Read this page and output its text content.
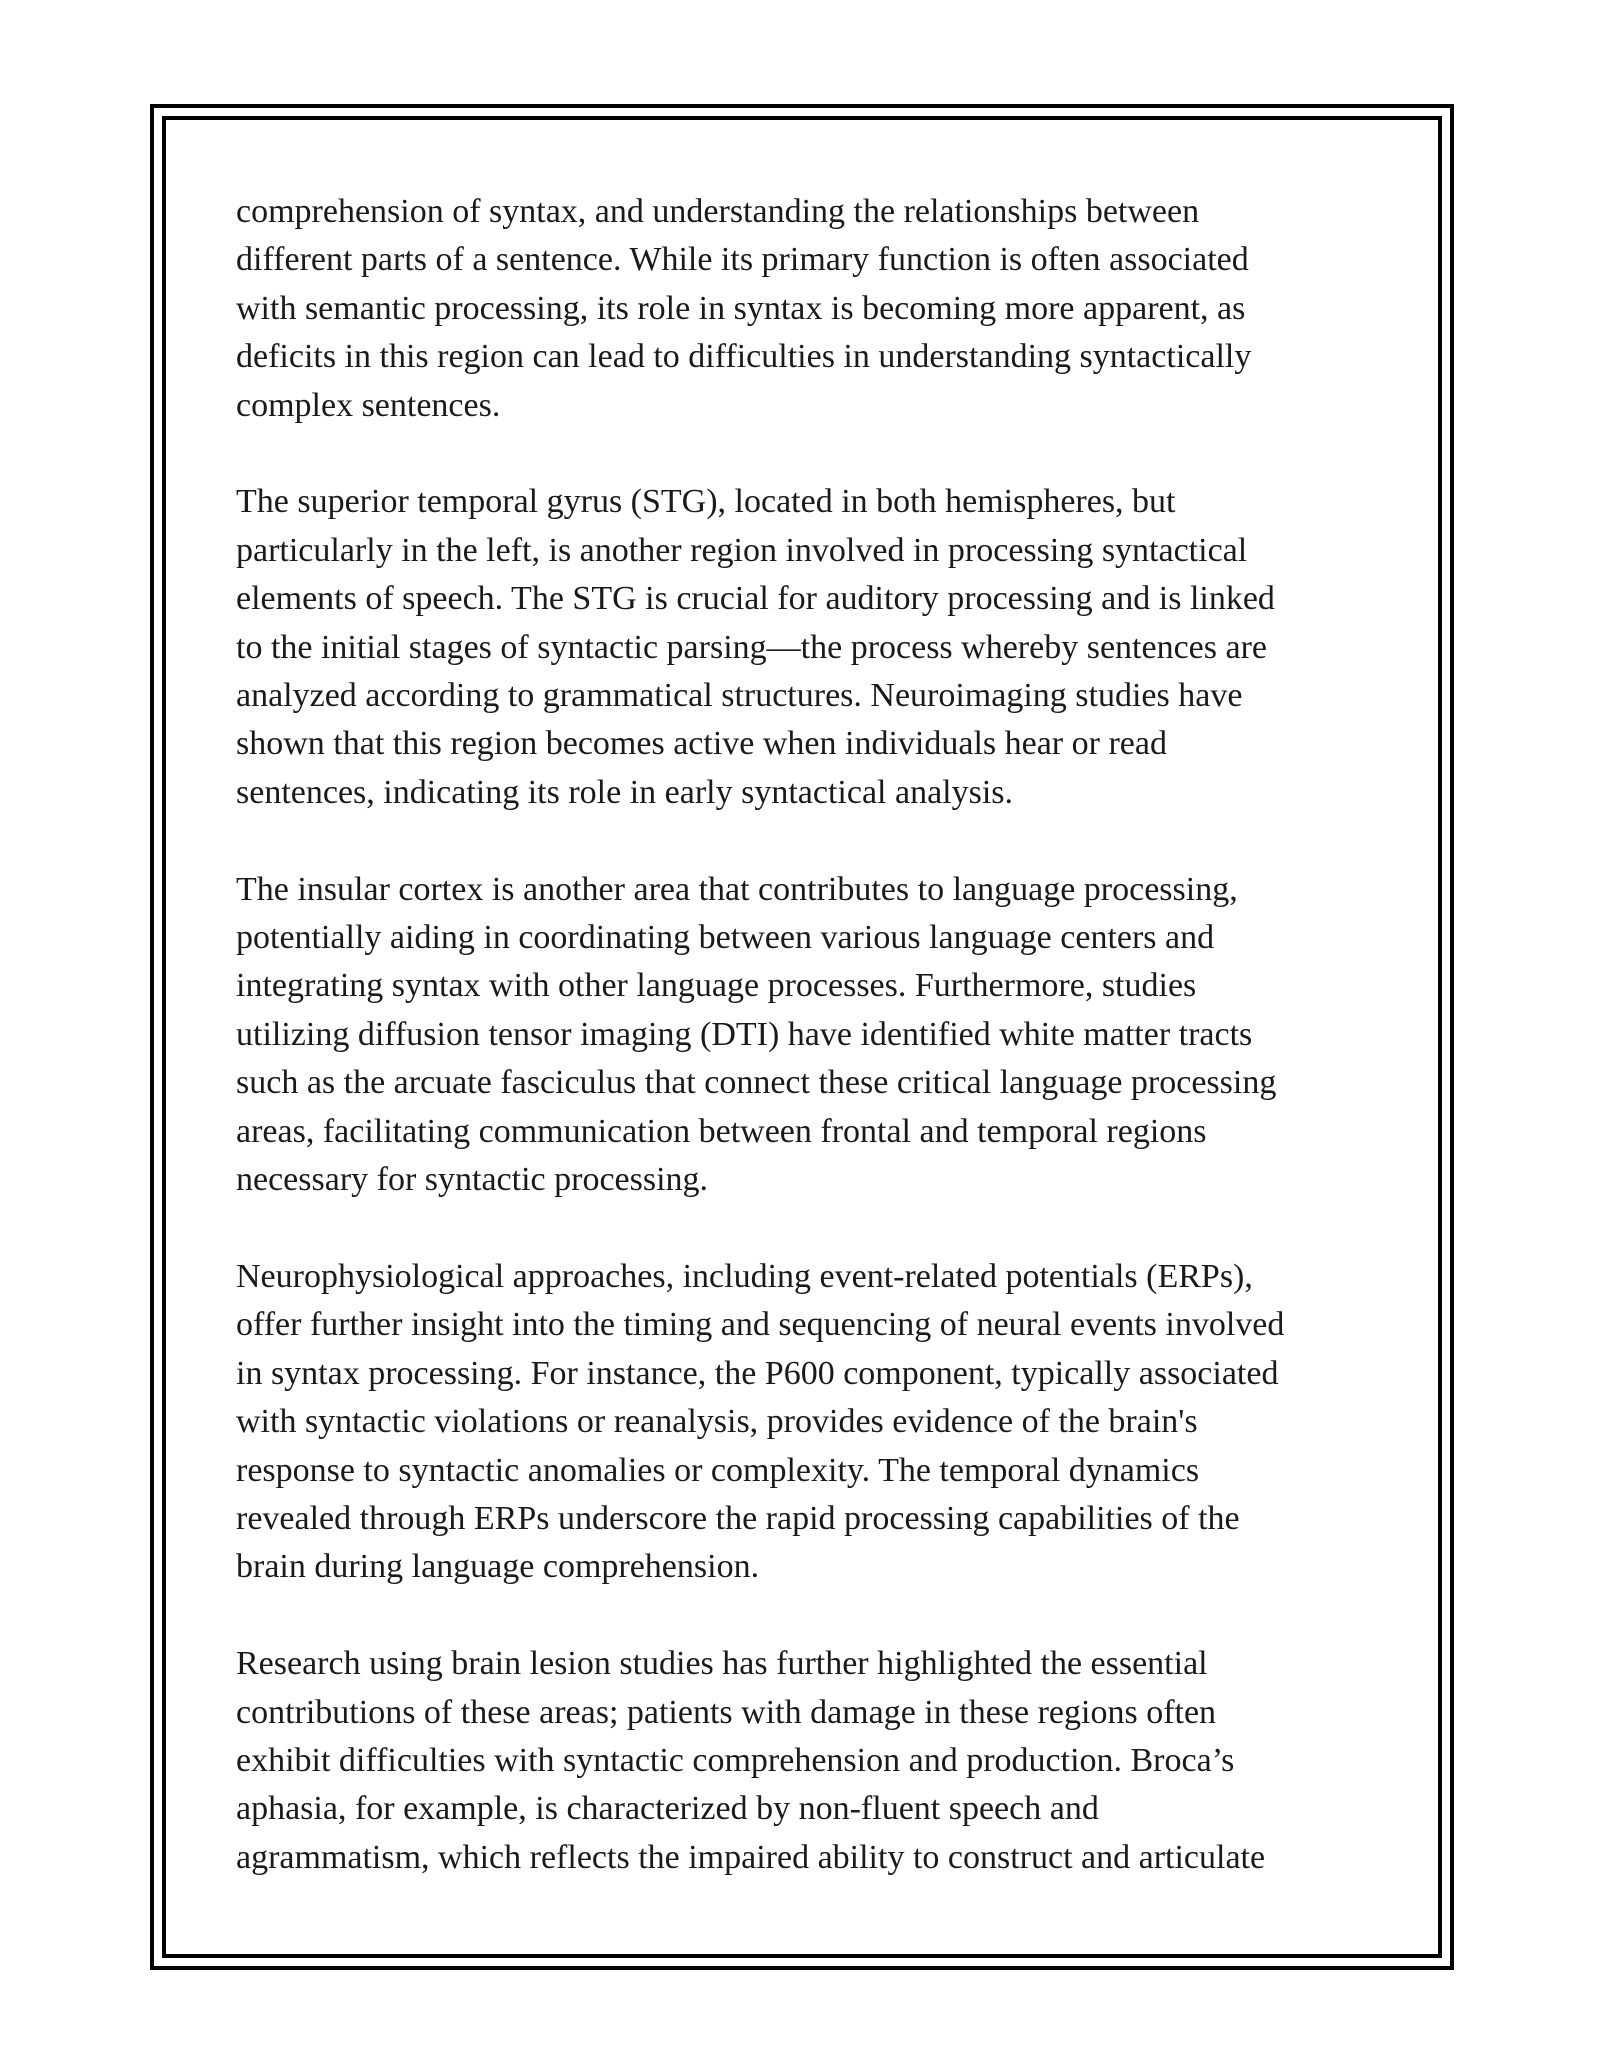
comprehension of syntax, and understanding the relationships between
different parts of a sentence. While its primary function is often associated
with semantic processing, its role in syntax is becoming more apparent, as
deficits in this region can lead to difficulties in understanding syntactically
complex sentences.

The superior temporal gyrus (STG), located in both hemispheres, but
particularly in the left, is another region involved in processing syntactical
elements of speech. The STG is crucial for auditory processing and is linked
to the initial stages of syntactic parsing—the process whereby sentences are
analyzed according to grammatical structures. Neuroimaging studies have
shown that this region becomes active when individuals hear or read
sentences, indicating its role in early syntactical analysis.

The insular cortex is another area that contributes to language processing,
potentially aiding in coordinating between various language centers and
integrating syntax with other language processes. Furthermore, studies
utilizing diffusion tensor imaging (DTI) have identified white matter tracts
such as the arcuate fasciculus that connect these critical language processing
areas, facilitating communication between frontal and temporal regions
necessary for syntactic processing.

Neurophysiological approaches, including event-related potentials (ERPs),
offer further insight into the timing and sequencing of neural events involved
in syntax processing. For instance, the P600 component, typically associated
with syntactic violations or reanalysis, provides evidence of the brain's
response to syntactic anomalies or complexity. The temporal dynamics
revealed through ERPs underscore the rapid processing capabilities of the
brain during language comprehension.

Research using brain lesion studies has further highlighted the essential
contributions of these areas; patients with damage in these regions often
exhibit difficulties with syntactic comprehension and production. Broca’s
aphasia, for example, is characterized by non-fluent speech and
agrammatism, which reflects the impaired ability to construct and articulate
